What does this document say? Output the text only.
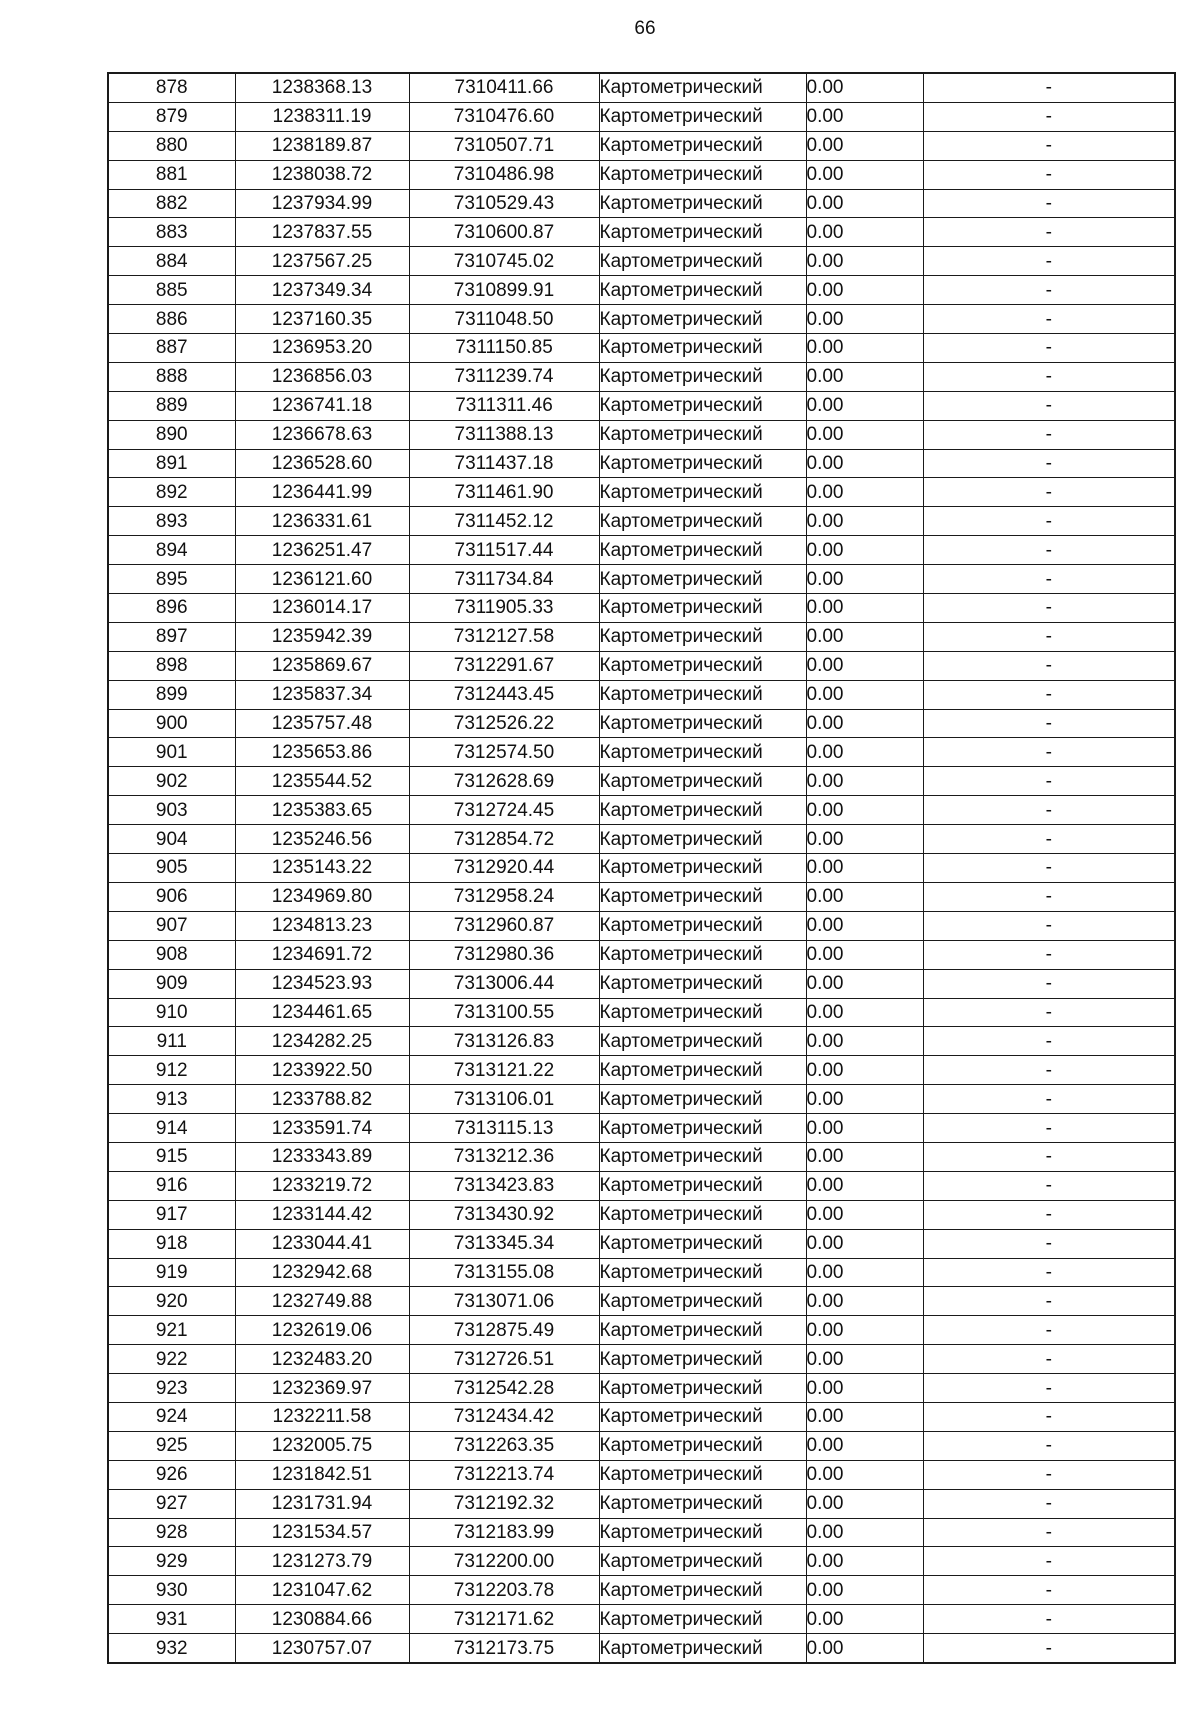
66
878	1238368.13	7310411.66	Картометрический	0.00	-
879	1238311.19	7310476.60	Картометрический	0.00	-
880	1238189.87	7310507.71	Картометрический	0.00	-
881	1238038.72	7310486.98	Картометрический	0.00	-
882	1237934.99	7310529.43	Картометрический	0.00	-
883	1237837.55	7310600.87	Картометрический	0.00	-
884	1237567.25	7310745.02	Картометрический	0.00	-
885	1237349.34	7310899.91	Картометрический	0.00	-
886	1237160.35	7311048.50	Картометрический	0.00	-
887	1236953.20	7311150.85	Картометрический	0.00	-
888	1236856.03	7311239.74	Картометрический	0.00	-
889	1236741.18	7311311.46	Картометрический	0.00	-
890	1236678.63	7311388.13	Картометрический	0.00	-
891	1236528.60	7311437.18	Картометрический	0.00	-
892	1236441.99	7311461.90	Картометрический	0.00	-
893	1236331.61	7311452.12	Картометрический	0.00	-
894	1236251.47	7311517.44	Картометрический	0.00	-
895	1236121.60	7311734.84	Картометрический	0.00	-
896	1236014.17	7311905.33	Картометрический	0.00	-
897	1235942.39	7312127.58	Картометрический	0.00	-
898	1235869.67	7312291.67	Картометрический	0.00	-
899	1235837.34	7312443.45	Картометрический	0.00	-
900	1235757.48	7312526.22	Картометрический	0.00	-
901	1235653.86	7312574.50	Картометрический	0.00	-
902	1235544.52	7312628.69	Картометрический	0.00	-
903	1235383.65	7312724.45	Картометрический	0.00	-
904	1235246.56	7312854.72	Картометрический	0.00	-
905	1235143.22	7312920.44	Картометрический	0.00	-
906	1234969.80	7312958.24	Картометрический	0.00	-
907	1234813.23	7312960.87	Картометрический	0.00	-
908	1234691.72	7312980.36	Картометрический	0.00	-
909	1234523.93	7313006.44	Картометрический	0.00	-
910	1234461.65	7313100.55	Картометрический	0.00	-
911	1234282.25	7313126.83	Картометрический	0.00	-
912	1233922.50	7313121.22	Картометрический	0.00	-
913	1233788.82	7313106.01	Картометрический	0.00	-
914	1233591.74	7313115.13	Картометрический	0.00	-
915	1233343.89	7313212.36	Картометрический	0.00	-
916	1233219.72	7313423.83	Картометрический	0.00	-
917	1233144.42	7313430.92	Картометрический	0.00	-
918	1233044.41	7313345.34	Картометрический	0.00	-
919	1232942.68	7313155.08	Картометрический	0.00	-
920	1232749.88	7313071.06	Картометрический	0.00	-
921	1232619.06	7312875.49	Картометрический	0.00	-
922	1232483.20	7312726.51	Картометрический	0.00	-
923	1232369.97	7312542.28	Картометрический	0.00	-
924	1232211.58	7312434.42	Картометрический	0.00	-
925	1232005.75	7312263.35	Картометрический	0.00	-
926	1231842.51	7312213.74	Картометрический	0.00	-
927	1231731.94	7312192.32	Картометрический	0.00	-
928	1231534.57	7312183.99	Картометрический	0.00	-
929	1231273.79	7312200.00	Картометрический	0.00	-
930	1231047.62	7312203.78	Картометрический	0.00	-
931	1230884.66	7312171.62	Картометрический	0.00	-
932	1230757.07	7312173.75	Картометрический	0.00	-
